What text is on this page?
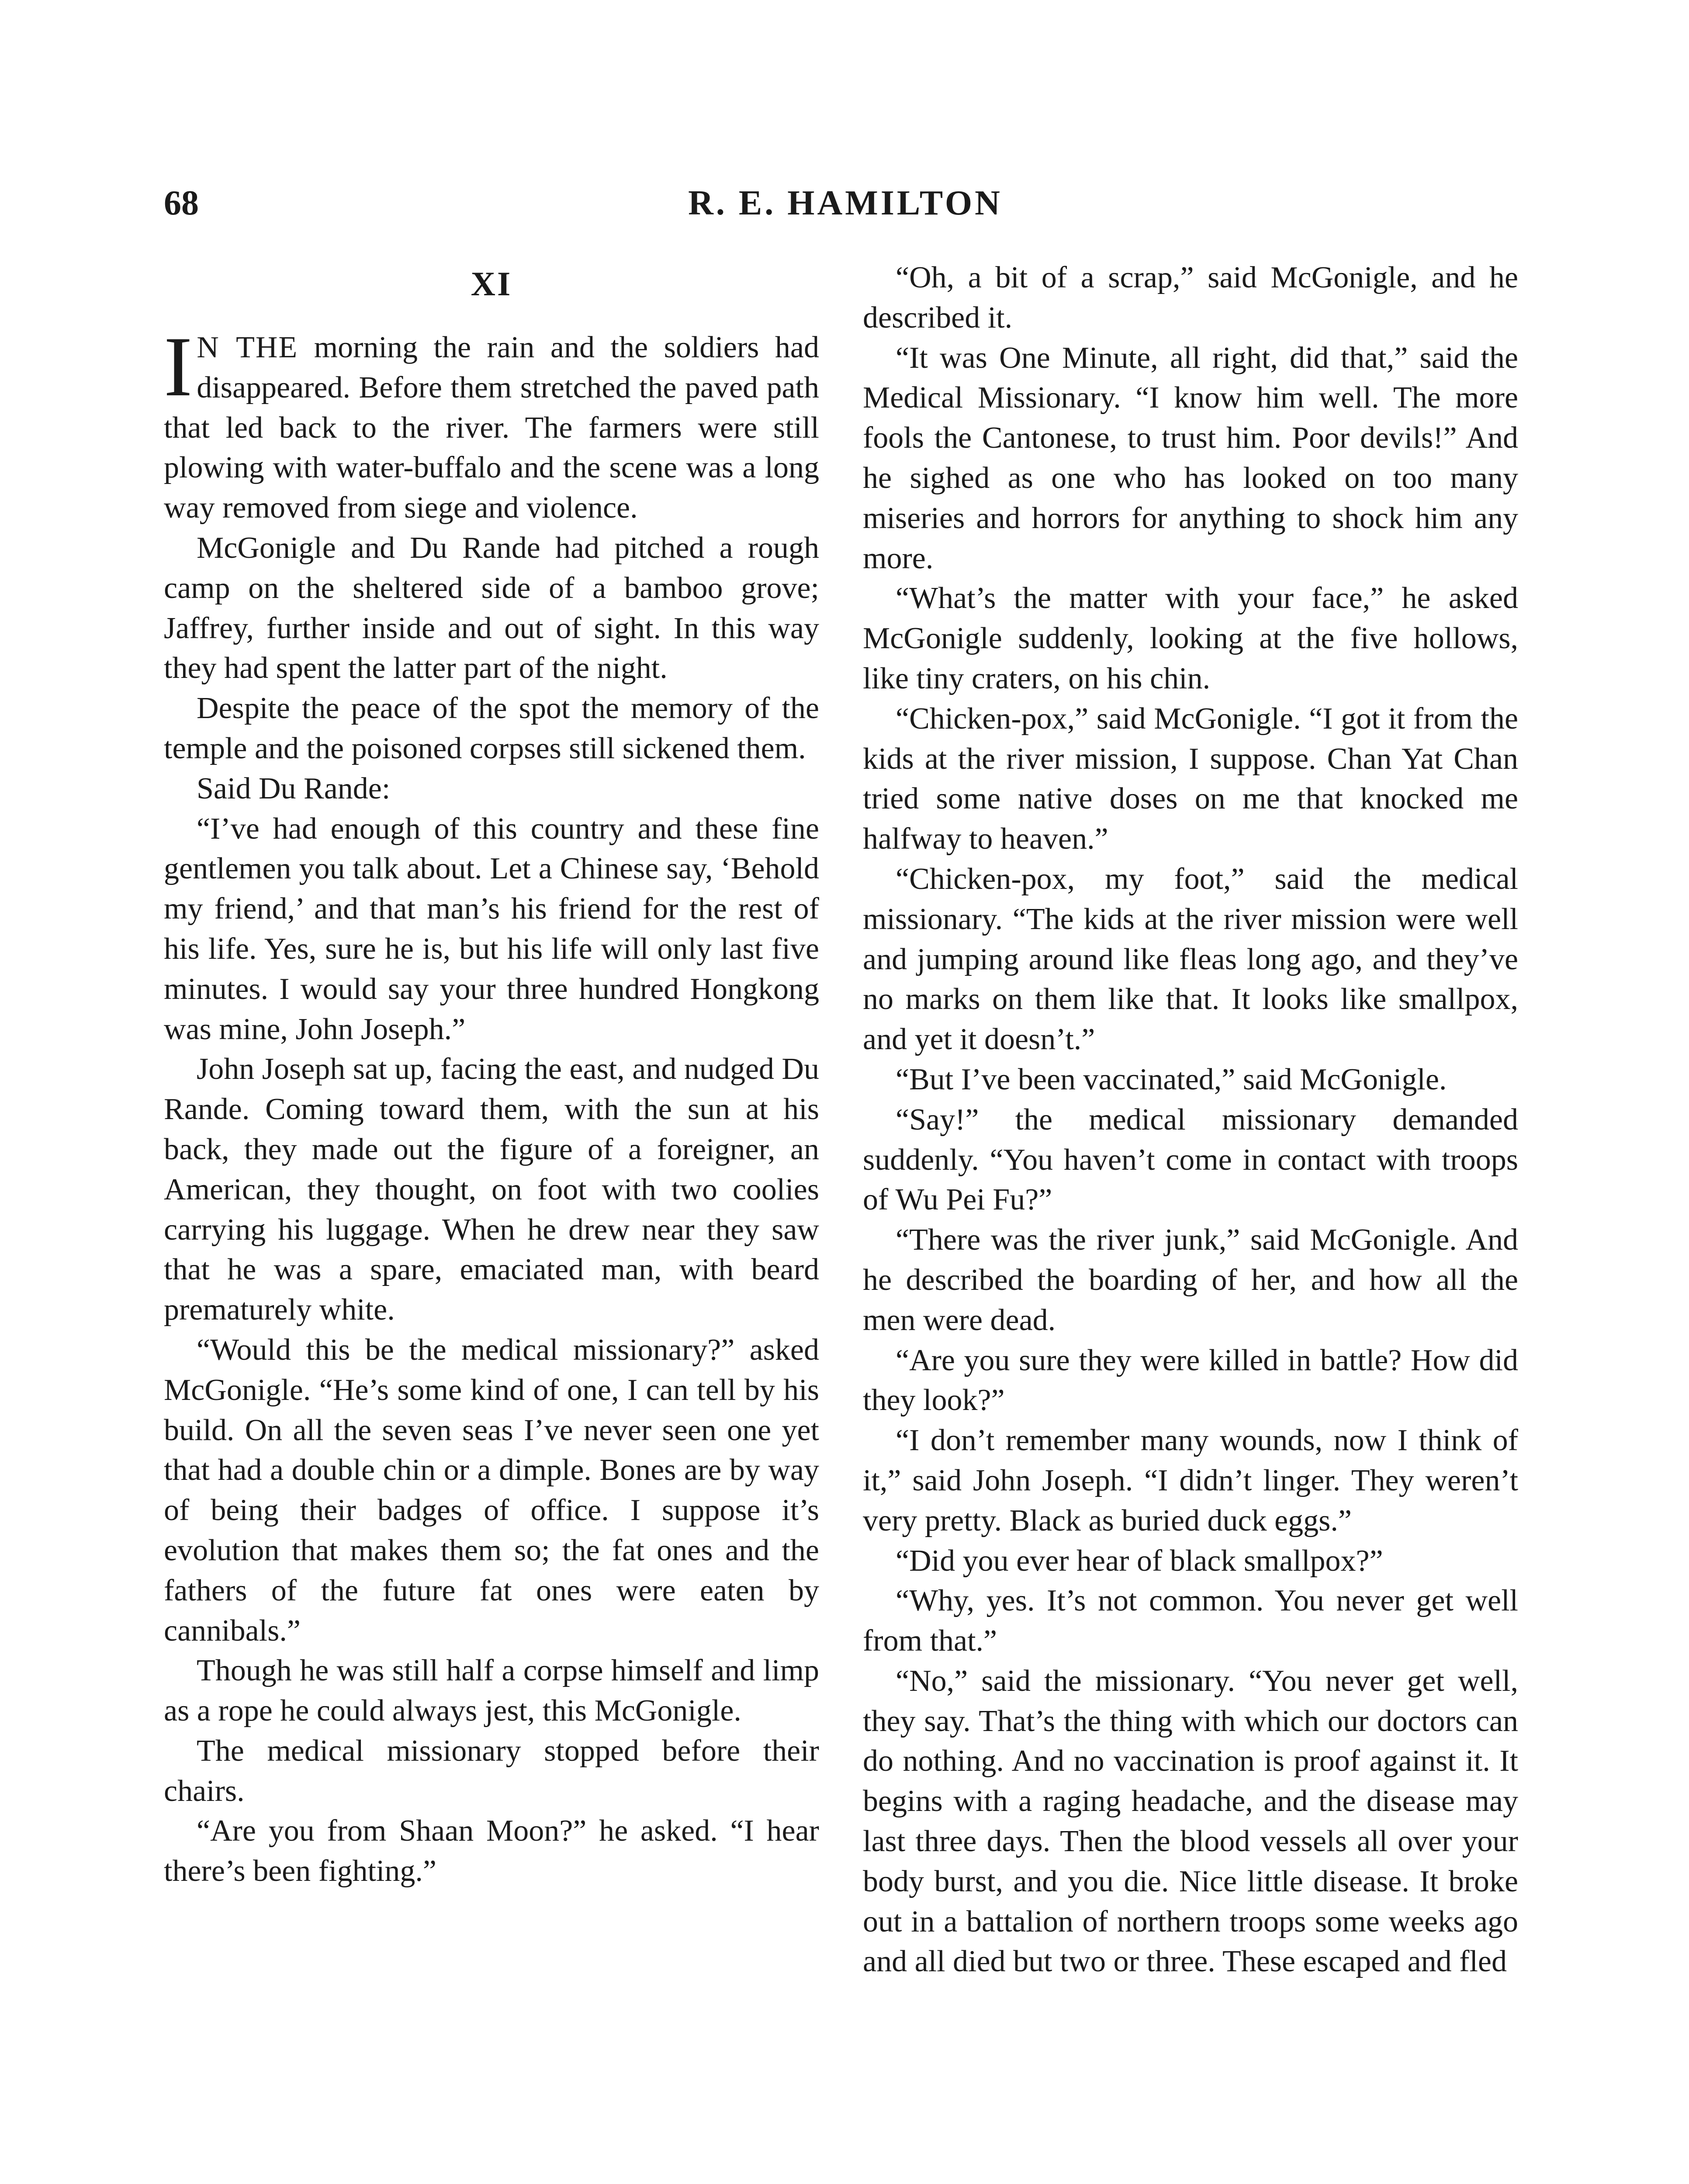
68	R. E. HAMILTON
XI

I N THE morning the rain and the soldiers had disappeared. Before them stretched the paved path that led back to the river. The farmers were still plowing with water-buffalo and the scene was a long way removed from siege and violence.

McGonigle and Du Rande had pitched a rough camp on the sheltered side of a bamboo grove; Jaffrey, further inside and out of sight. In this way they had spent the latter part of the night.

Despite the peace of the spot the memory of the temple and the poisoned corpses still sickened them.

Said Du Rande:

“I’ve had enough of this country and these fine gentlemen you talk about. Let a Chinese say, ‘Behold my friend,’ and that man’s his friend for the rest of his life. Yes, sure he is, but his life will only last five minutes. I would say your three hundred Hongkong was mine, John Joseph.”

John Joseph sat up, facing the east, and nudged Du Rande. Coming toward them, with the sun at his back, they made out the figure of a foreigner, an American, they thought, on foot with two coolies carrying his luggage. When he drew near they saw that he was a spare, emaciated man, with beard prematurely white.

“Would this be the medical missionary?” asked McGonigle. “He’s some kind of one, I can tell by his build. On all the seven seas I’ve never seen one yet that had a double chin or a dimple. Bones are by way of being their badges of office. I suppose it’s evolution that makes them so; the fat ones and the fathers of the future fat ones were eaten by cannibals.”

Though he was still half a corpse himself and limp as a rope he could always jest, this McGonigle.

The medical missionary stopped before their chairs.

“Are you from Shaan Moon?” he asked. “I hear there’s been fighting.”

“Oh, a bit of a scrap,” said McGonigle, and he described it.

“It was One Minute, all right, did that,” said the Medical Missionary. “I know him well. The more fools the Cantonese, to trust him. Poor devils!” And he sighed as one who has looked on too many miseries and horrors for anything to shock him any more.

“What’s the matter with your face,” he asked McGonigle suddenly, looking at the five hollows, like tiny craters, on his chin.

“Chicken-pox,” said McGonigle. “I got it from the kids at the river mission, I suppose. Chan Yat Chan tried some native doses on me that knocked me halfway to heaven.”

“Chicken-pox, my foot,” said the medical missionary. “The kids at the river mission were well and jumping around like fleas long ago, and they’ve no marks on them like that. It looks like smallpox, and yet it doesn’t.”

“But I’ve been vaccinated,” said McGonigle.

“Say!” the medical missionary demanded suddenly. “You haven’t come in contact with troops of Wu Pei Fu?”

“There was the river junk,” said McGonigle. And he described the boarding of her, and how all the men were dead.

“Are you sure they were killed in battle? How did they look?”

“I don’t remember many wounds, now I think of it,” said John Joseph. “I didn’t linger. They weren’t very pretty. Black as buried duck eggs.”

“Did you ever hear of black smallpox?”

“Why, yes. It’s not common. You never get well from that.”

“No,” said the missionary. “You never get well, they say. That’s the thing with which our doctors can do nothing. And no vaccination is proof against it. It begins with a raging headache, and the disease may last three days. Then the blood vessels all over your body burst, and you die. Nice little disease. It broke out in a battalion of northern troops some weeks ago and all died but two or three. These escaped and fled
